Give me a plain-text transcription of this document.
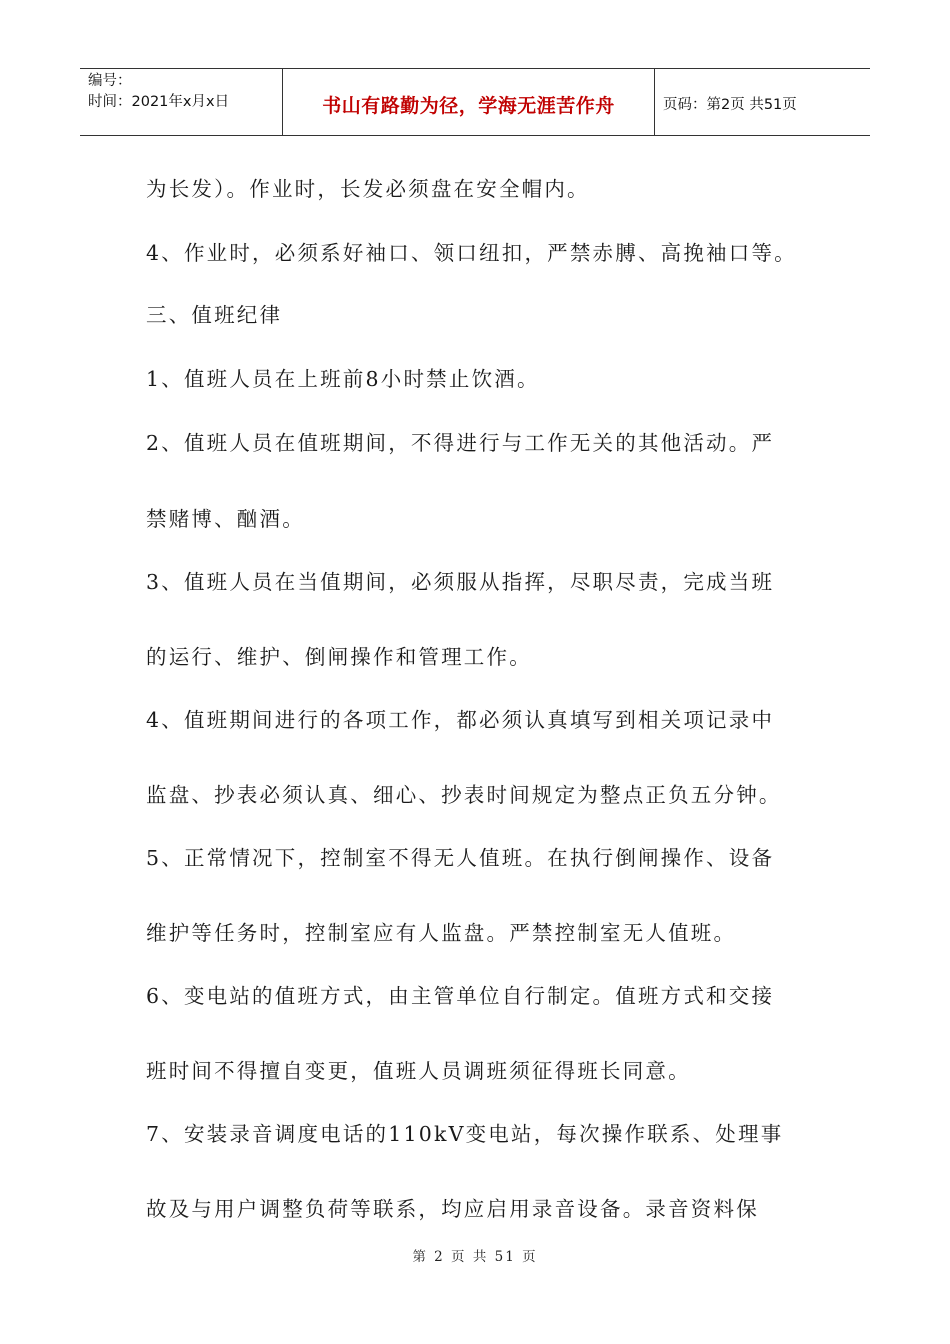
编号：
时间：2021年x月x日	书山有路勤为径，学海无涯苦作舟	页码：第2页 共51页
为长发）。作业时，长发必须盘在安全帽内。
4、作业时，必须系好袖口、领口纽扣，严禁赤膊、高挽袖口等。
三、值班纪律
1、值班人员在上班前8小时禁止饮酒。
2、值班人员在值班期间，不得进行与工作无关的其他活动。严
禁赌博、酗酒。
3、值班人员在当值期间，必须服从指挥，尽职尽责，完成当班
的运行、维护、倒闸操作和管理工作。
4、值班期间进行的各项工作，都必须认真填写到相关项记录中
监盘、抄表必须认真、细心、抄表时间规定为整点正负五分钟。
5、正常情况下，控制室不得无人值班。在执行倒闸操作、设备
维护等任务时，控制室应有人监盘。严禁控制室无人值班。
6、变电站的值班方式，由主管单位自行制定。值班方式和交接
班时间不得擅自变更，值班人员调班须征得班长同意。
7、安装录音调度电话的110kV变电站，每次操作联系、处理事
故及与用户调整负荷等联系，均应启用录音设备。录音资料保
第 2 页 共 51 页
